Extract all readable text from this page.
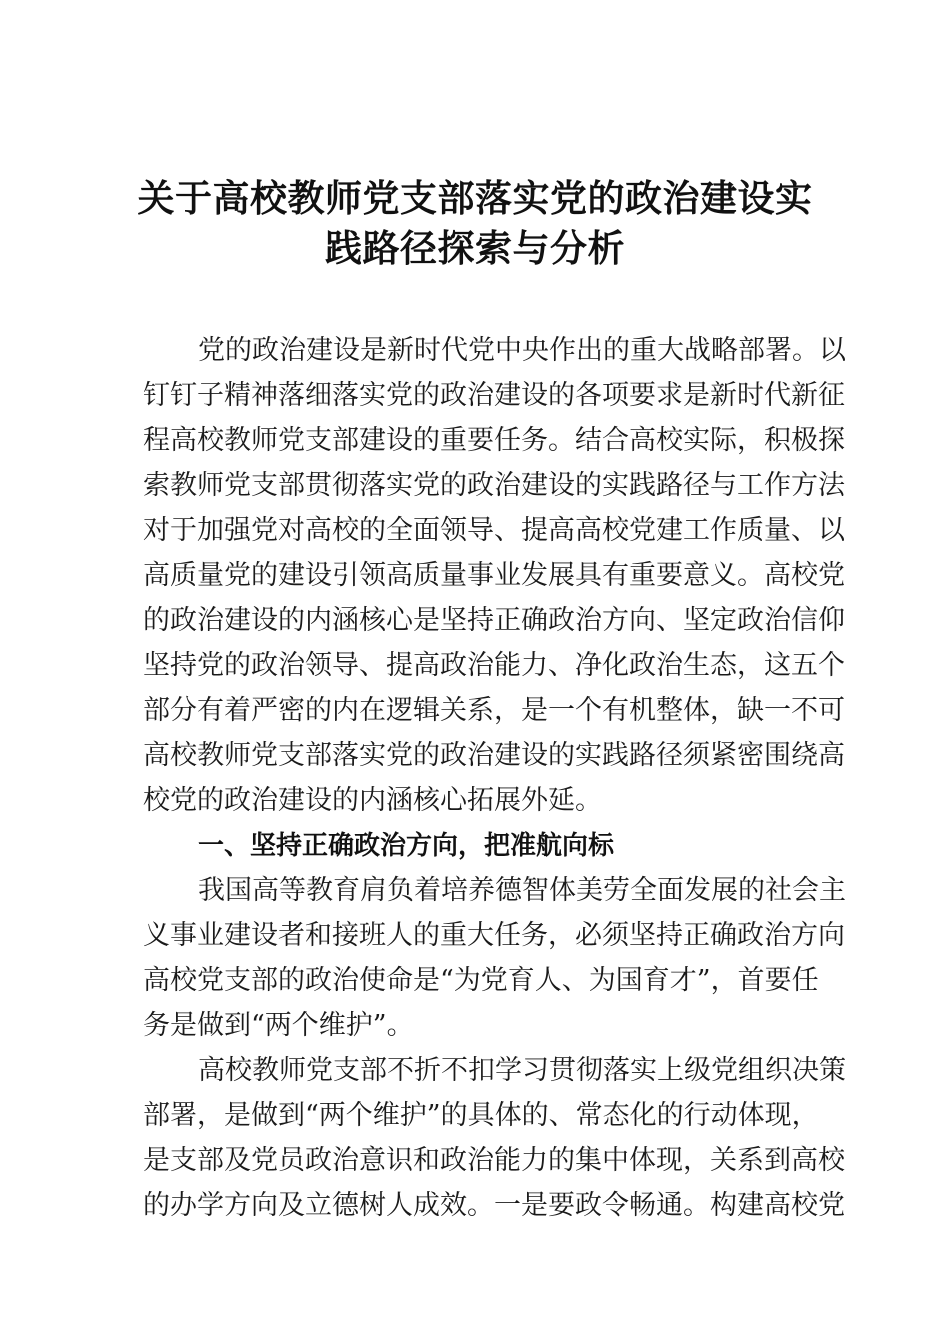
关于高校教师党支部落实党的政治建设实
践路径探索与分析
党的政治建设是新时代党中央作出的重大战略部署。以
钉钉子精神落细落实党的政治建设的各项要求是新时代新征
程高校教师党支部建设的重要任务。结合高校实际，积极探
索教师党支部贯彻落实党的政治建设的实践路径与工作方法
对于加强党对高校的全面领导、提高高校党建工作质量、以
高质量党的建设引领高质量事业发展具有重要意义。高校党
的政治建设的内涵核心是坚持正确政治方向、坚定政治信仰
坚持党的政治领导、提高政治能力、净化政治生态，这五个
部分有着严密的内在逻辑关系，是一个有机整体，缺一不可
高校教师党支部落实党的政治建设的实践路径须紧密围绕高
校党的政治建设的内涵核心拓展外延。
一、坚持正确政治方向，把准航向标
我国高等教育肩负着培养德智体美劳全面发展的社会主
义事业建设者和接班人的重大任务，必须坚持正确政治方向
高校党支部的政治使命是“为党育人、为国育才”，首要任
务是做到“两个维护”。
高校教师党支部不折不扣学习贯彻落实上级党组织决策
部署，是做到“两个维护”的具体的、常态化的行动体现，
是支部及党员政治意识和政治能力的集中体现，关系到高校
的办学方向及立德树人成效。一是要政令畅通。构建高校党
